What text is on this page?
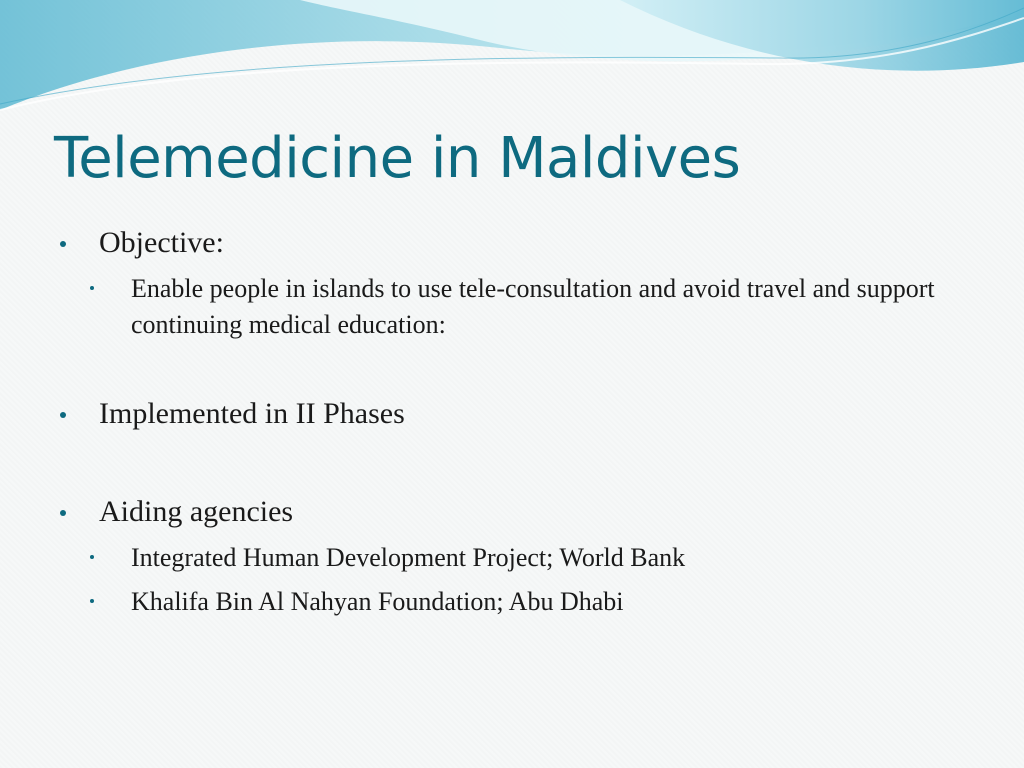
Telemedicine in Maldives
Objective:
Enable people in islands to use tele-consultation and avoid travel and support continuing medical education:
Implemented in II Phases
Aiding agencies
Integrated Human Development Project; World Bank
Khalifa Bin Al Nahyan Foundation; Abu Dhabi
